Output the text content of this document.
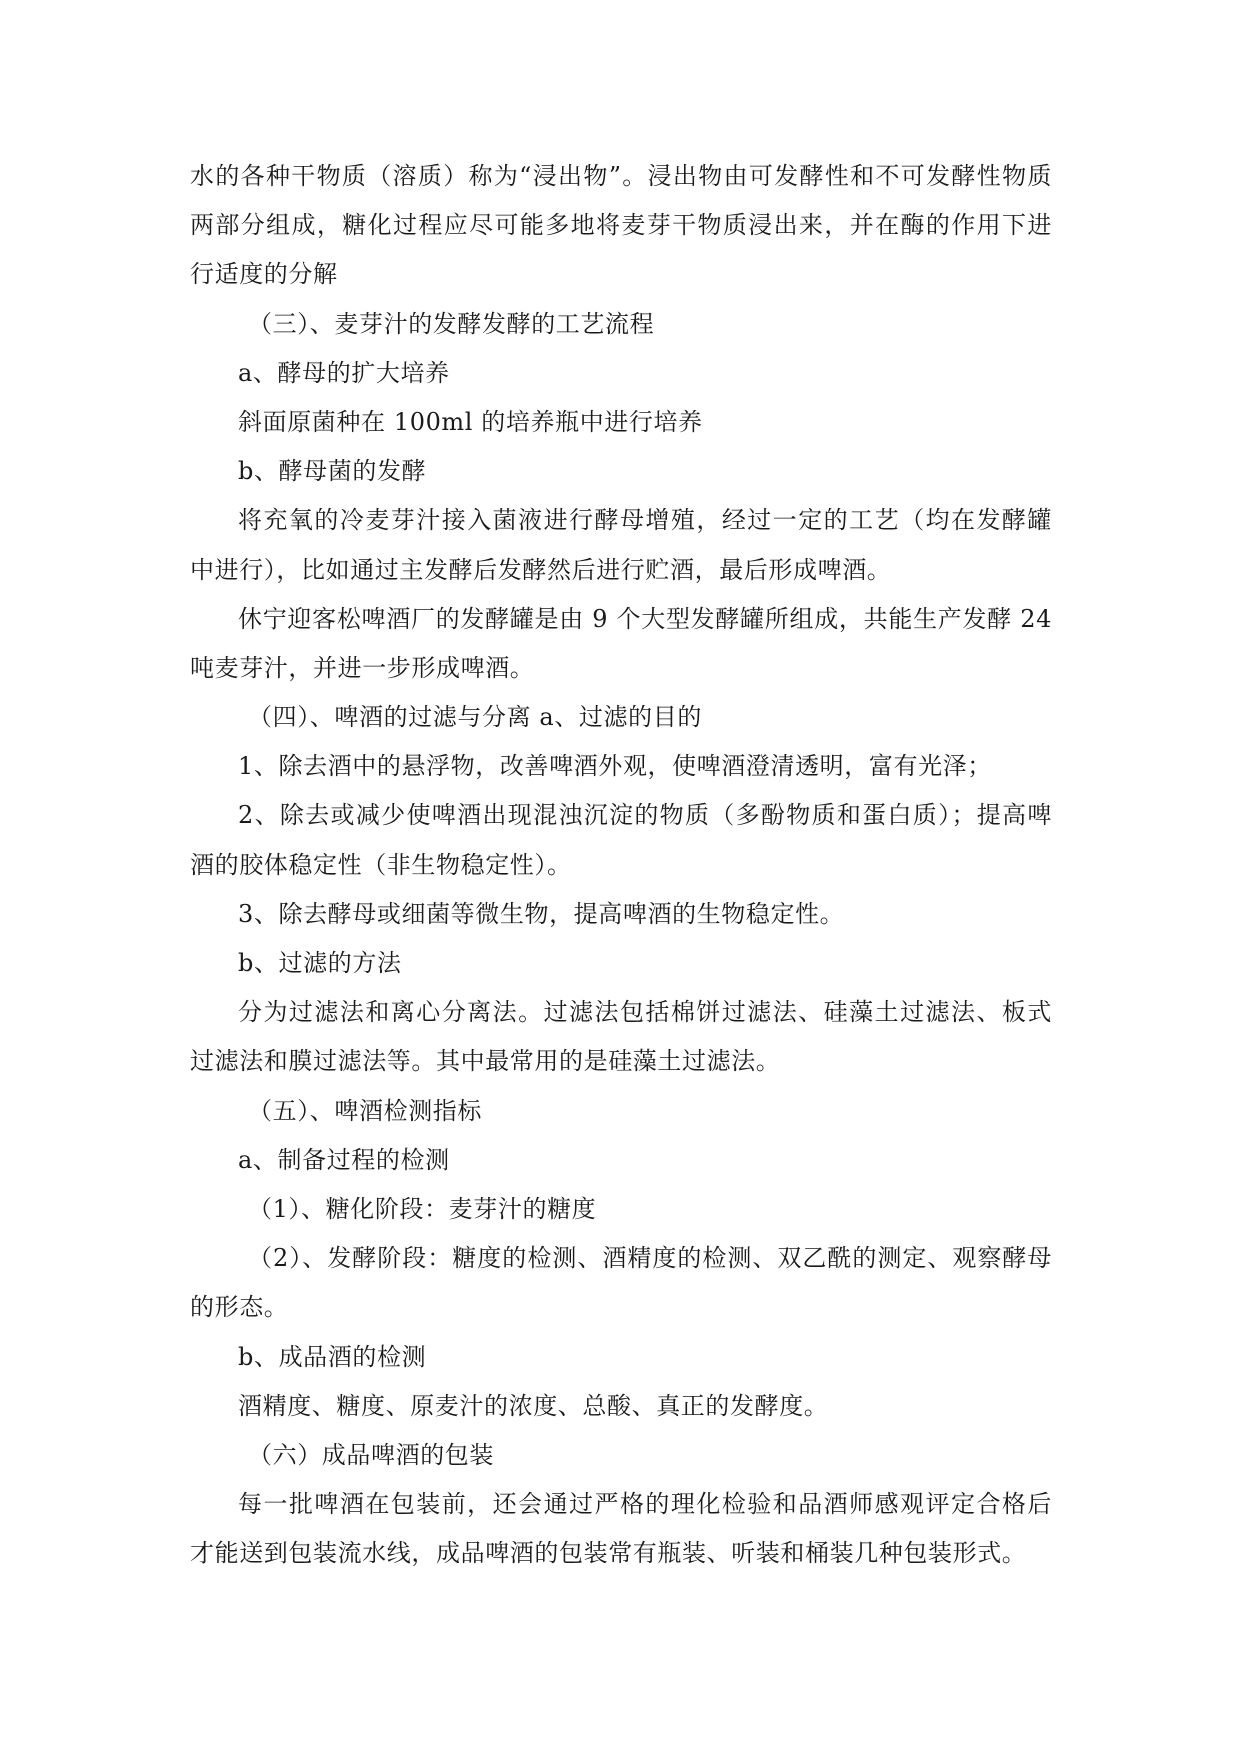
水的各种干物质（溶质）称为“浸出物”。浸出物由可发酵性和不可发酵性物质
两部分组成，糖化过程应尽可能多地将麦芽干物质浸出来，并在酶的作用下进
行适度的分解
（三）、麦芽汁的发酵发酵的工艺流程
a、酵母的扩大培养
斜面原菌种在 100ml 的培养瓶中进行培养
b、酵母菌的发酵
将充氧的冷麦芽汁接入菌液进行酵母增殖，经过一定的工艺（均在发酵罐
中进行），比如通过主发酵后发酵然后进行贮酒，最后形成啤酒。
休宁迎客松啤酒厂的发酵罐是由 9 个大型发酵罐所组成，共能生产发酵 24
吨麦芽汁，并进一步形成啤酒。
（四）、啤酒的过滤与分离 a、过滤的目的
1、除去酒中的悬浮物，改善啤酒外观，使啤酒澄清透明，富有光泽；
2、除去或减少使啤酒出现混浊沉淀的物质（多酚物质和蛋白质）；提高啤
酒的胶体稳定性（非生物稳定性）。
3、除去酵母或细菌等微生物，提高啤酒的生物稳定性。
b、过滤的方法
分为过滤法和离心分离法。过滤法包括棉饼过滤法、硅藻土过滤法、板式
过滤法和膜过滤法等。其中最常用的是硅藻土过滤法。
（五）、啤酒检测指标
a、制备过程的检测
（1）、糖化阶段：麦芽汁的糖度
（2）、发酵阶段：糖度的检测、酒精度的检测、双乙酰的测定、观察酵母
的形态。
b、成品酒的检测
酒精度、糖度、原麦汁的浓度、总酸、真正的发酵度。
（六）成品啤酒的包装
每一批啤酒在包装前，还会通过严格的理化检验和品酒师感观评定合格后
才能送到包装流水线，成品啤酒的包装常有瓶装、听装和桶装几种包装形式。
